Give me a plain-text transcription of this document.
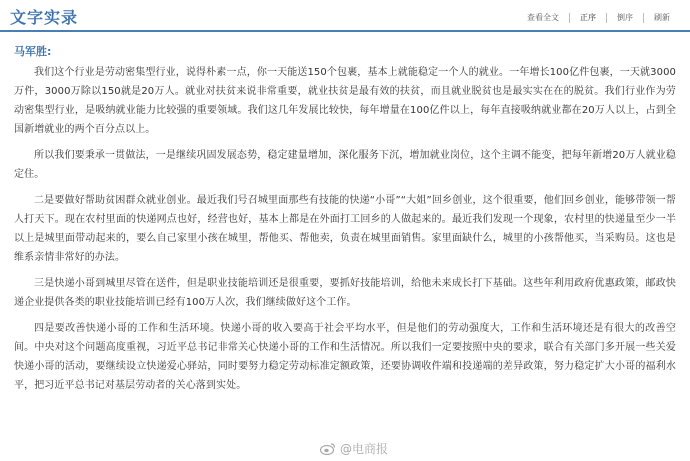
文字实录	查看全文	正序	倒序	刷新
马军胜:

我们这个行业是劳动密集型行业，说得朴素一点，你一天能送150个包裹，基本上就能稳定一个人的就业。一年增长100亿件包裹，一天就3000万件，3000万除以150就是20万人。就业对扶贫来说非常重要，就业扶贫是最有效的扶贫，而且就业脱贫也是最实实在在的脱贫。我们行业作为劳动密集型行业，是吸纳就业能力比较强的重要领域。我们这几年发展比较快，每年增量在100亿件以上，每年直接吸纳就业都在20万人以上，占到全国新增就业的两个百分点以上。

所以我们要秉承一贯做法，一是继续巩固发展态势，稳定建量增加，深化服务下沉，增加就业岗位，这个主调不能变，把每年新增20万人就业稳定住。

二是要做好帮助贫困群众就业创业。最近我们号召城里面那些有技能的快递“小哥”“大姐”回乡创业，这个很重要，他们回乡创业，能够带领一帮人打天下。现在农村里面的快递网点也好，经营也好，基本上都是在外面打工回乡的人做起来的。最近我们发现一个现象，农村里的快递量至少一半以上是城里面带动起来的，要么自己家里小孩在城里，帮他买、帮他卖，负责在城里面销售。家里面缺什么，城里的小孩帮他买，当采购员。这也是维系亲情非常好的办法。

三是快递小哥到城里尽管在送件，但是职业技能培训还是很重要，要抓好技能培训，给他未来成长打下基础。这些年利用政府优惠政策，邮政快递企业提供各类的职业技能培训已经有100万人次，我们继续做好这个工作。

四是要改善快递小哥的工作和生活环境。快递小哥的收入要高于社会平均水平，但是他们的劳动强度大，工作和生活环境还是有很大的改善空间。中央对这个问题高度重视，习近平总书记非常关心快递小哥的工作和生活情况。所以我们一定要按照中央的要求，联合有关部门多开展一些关爱快递小哥的活动，要继续设立快递爱心驿站，同时要努力稳定劳动标准定额政策，还要协调收件端和投递端的差异政策，努力稳定扩大小哥的福利水平，把习近平总书记对基层劳动者的关心落到实处。

@电商报
